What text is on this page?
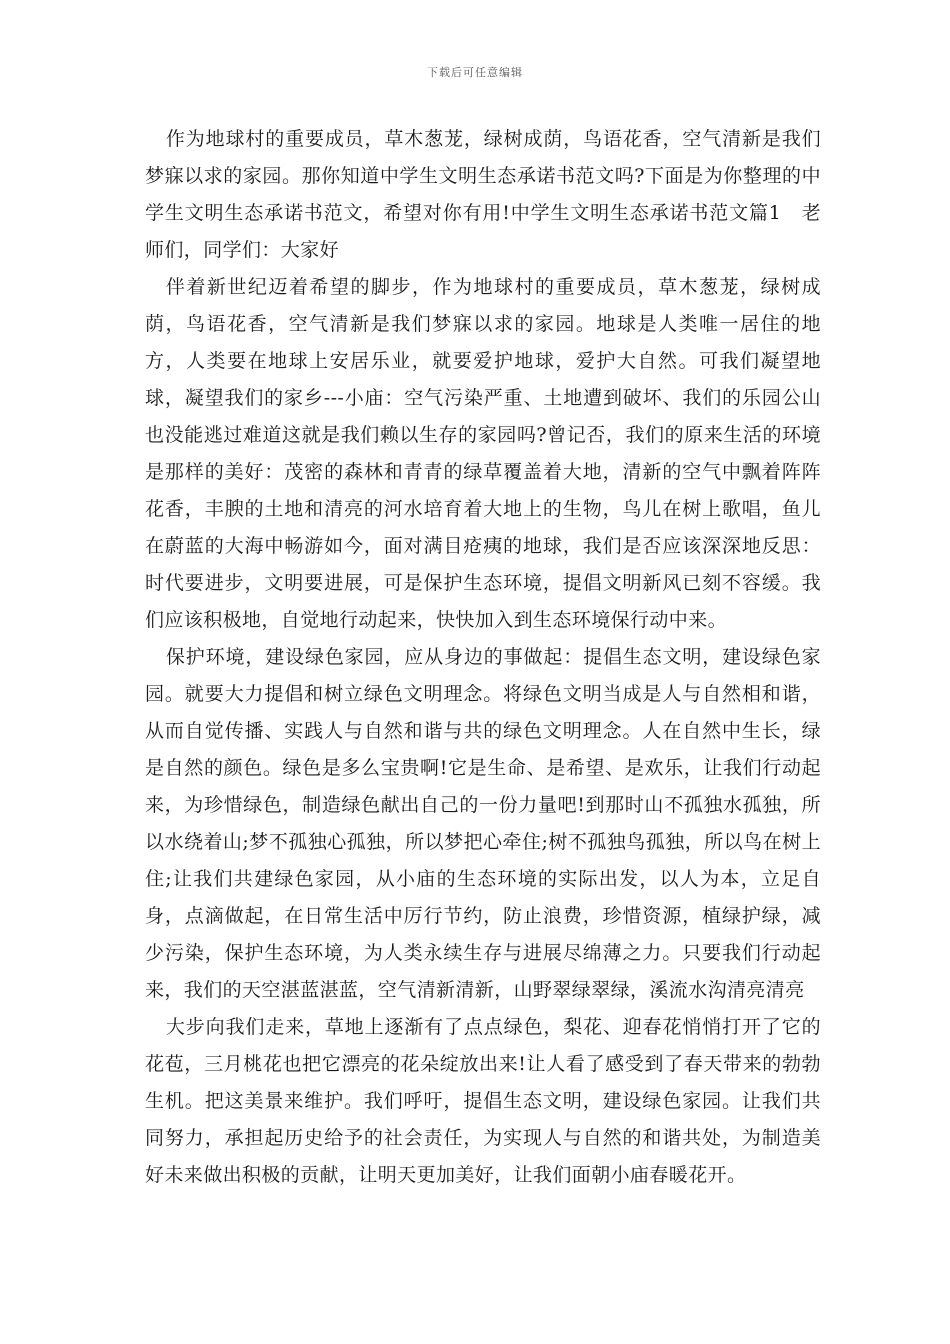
下载后可任意编辑

作为地球村的重要成员，草木葱茏，绿树成荫，鸟语花香，空气清新是我们梦寐以求的家园。那你知道中学生文明生态承诺书范文吗?下面是为你整理的中学生文明生态承诺书范文，希望对你有用!中学生文明生态承诺书范文篇1　老师们，同学们：大家好

伴着新世纪迈着希望的脚步，作为地球村的重要成员，草木葱茏，绿树成荫，鸟语花香，空气清新是我们梦寐以求的家园。地球是人类唯一居住的地方，人类要在地球上安居乐业，就要爱护地球，爱护大自然。可我们凝望地球，凝望我们的家乡---小庙：空气污染严重、土地遭到破坏、我们的乐园公山也没能逃过难道这就是我们赖以生存的家园吗?曾记否，我们的原来生活的环境是那样的美好：茂密的森林和青青的绿草覆盖着大地，清新的空气中飘着阵阵花香，丰腴的土地和清亮的河水培育着大地上的生物，鸟儿在树上歌唱，鱼儿在蔚蓝的大海中畅游如今，面对满目疮痍的地球，我们是否应该深深地反思：时代要进步，文明要进展，可是保护生态环境，提倡文明新风已刻不容缓。我们应该积极地，自觉地行动起来，快快加入到生态环境保行动中来。

保护环境，建设绿色家园，应从身边的事做起：提倡生态文明，建设绿色家园。就要大力提倡和树立绿色文明理念。将绿色文明当成是人与自然相和谐，从而自觉传播、实践人与自然和谐与共的绿色文明理念。人在自然中生长，绿是自然的颜色。绿色是多么宝贵啊!它是生命、是希望、是欢乐，让我们行动起来，为珍惜绿色，制造绿色献出自己的一份力量吧!到那时山不孤独水孤独，所以水绕着山;梦不孤独心孤独，所以梦把心牵住;树不孤独鸟孤独，所以鸟在树上住;让我们共建绿色家园，从小庙的生态环境的实际出发，以人为本，立足自身，点滴做起，在日常生活中厉行节约，防止浪费，珍惜资源，植绿护绿，减少污染，保护生态环境，为人类永续生存与进展尽绵薄之力。只要我们行动起来，我们的天空湛蓝湛蓝，空气清新清新，山野翠绿翠绿，溪流水沟清亮清亮

大步向我们走来，草地上逐渐有了点点绿色，梨花、迎春花悄悄打开了它的花苞，三月桃花也把它漂亮的花朵绽放出来!让人看了感受到了春天带来的勃勃生机。把这美景来维护。我们呼吁，提倡生态文明，建设绿色家园。让我们共同努力，承担起历史给予的社会责任，为实现人与自然的和谐共处，为制造美好未来做出积极的贡献，让明天更加美好，让我们面朝小庙春暖花开。
